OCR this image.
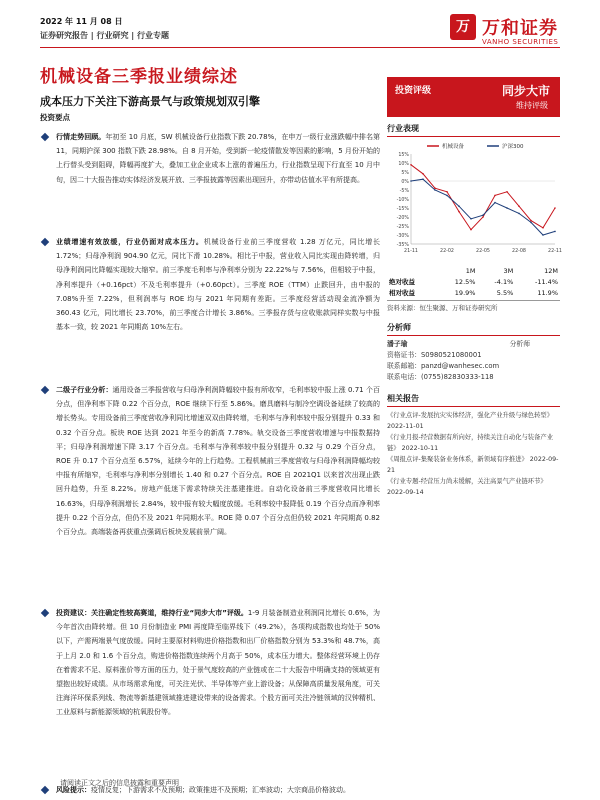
2022 年 11 月 08 日
证券研究报告 | 行业研究 | 行业专题
万 万和证券
VANHO SECURITIES
机械设备三季报业绩综述
成本压力下关注下游高景气与政策规划双引擎
投资要点
行情走势回顾。年初至 10 月底，SW 机械设备行业指数下跌 20.78%，在申万一级行业涨跌幅中排名第 11，同期沪深 300 指数下跌 28.98%。自 8 月开始，受到新一轮疫情散发等因素的影响，5 月份开始的上行替头受到阻碍，降幅再度扩大，叠加工业企业成本上涨的普遍压力，行业指数呈现下行直至 10 月中旬，因二十大报告推动实体经济发展开放、三季报披露等因素出现回升，亦带动估值水平有所提高。
业绩增速有效放缓，行业仍面对成本压力。机械设备行业前三季度营收 1.28 万亿元，同比增长 1.72%；归母净利润 904.90 亿元，同比下滑 10.28%。相比于中报，营业收入同比实现由降转增，归母净利润同比降幅实现较大缩窄。前三季度毛利率与净利率分别为 22.22%与 7.56%，但相较于中报，净利率提升（+0.16pct）不及毛利率提升（+0.60pct）。三季度 ROE（TTM）止跌回升，由中报的 7.08%升至 7.22%，但利润率与 ROE 均与 2021 年同期有差距。三季度经营活动现金流净额为 360.43 亿元，同比增长 23.70%，前三季度合计增长 3.86%。三季报存货与应收账款同样实数与中报基本一致，较 2021 年同期高 10%左右。
二级子行业分析：通用设备三季报营收与归母净利润降幅较中报有所收窄，毛利率较中报上涨 0.71 个百分点，但净利率下降 0.22 个百分点，ROE 继续下行至 5.86%。磨具磨料与制冷空调设备延续了较高的增长势头。专用设备前三季度营收净利同比增速双双由降转增，毛利率与净利率较中报分别提升 0.33 和 0.32 个百分点。板块 ROE 达到 2021 年至今的新高 7.78%。轨交设备三季度营收增速与中报数据持平；归母净利润增速下降 3.17 个百分点。毛利率与净利率较中报分别提升 0.32 与 0.29 个百分点，ROE 升 0.17 个百分点至 6.57%，延续今年的上行趋势。工程机械前三季度营收与归母净利润降幅均较中报有所缩窄，毛利率与净利率分别增长 1.40 和 0.27 个百分点。ROE 自 2021Q1 以来首次出现止跌回升趋势，升至 8.22%。房地产低迷下需求特续关注基建推进。自动化设备前三季度营收同比增长 16.63%，归母净利润增长 2.84%，较中报有较大幅度放缓。毛利率较中报降低 0.19 个百分点而净利率提升 0.22 个百分点，但仍不及 2021 年同期水平。ROE 降 0.07 个百分点但仍较 2021 年同期高 0.82 个百分点。高端装备再获重点强调后板块发展前景广阔。
投资建议：关注确定性较高赛道，维持行业“同步大市”评级。1-9 月装备制造业利润同比增长 0.6%，为今年首次由降转增。但 10 月份制造业 PMI 再度降至临界线下（49.2%），各项构成指数也均处于 50%以下，产需两端景气度放缓。同时主要原材料购进价格指数和出厂价格指数分别为 53.3%和 48.7%，高于上月 2.0 和 1.6 个百分点，购进价格指数连续两个月高于 50%，成本压力增大。整体经营环境上仍存在着需求不足、原料涨价等方面的压力，处于景气度较高的产业链或在二十大报告中明确支持的领域更有望抱出较好成绩。从市场需求角度，可关注光伏、半导体等产业上游设备；从保障高质量发展角度，可关注海洋环保系列线、物流等新基建领域推进建设带来的设备需求。个股方面可关注冷链领域的汉钟精机、工业原料与新能源领域的杭氧股份等。
风险提示：疫情反复；下游需求不及预期；政策推进不及预期；汇率波动；大宗商品价格波动。
投资评级	同步大市
维持评级
行业表现
机械设备	沪深300
15%
10%
5%
0%
-5%
-10%
-15%
-20%
-25%
-30%
-35%
21-11	22-02	22-05	22-08	22-11
	1M	3M	12M
绝对收益	12.5%	-4.1%	-11.4%
相对收益	19.9%	5.5%	11.9%
资料来源：恒生聚源、万和证券研究所
分析师
潘子瑜	分析师
资格证书：S0980521080001
联系邮箱：panzd@wanhesec.com
联系电话：(0755)82830333-118
相关报告
《行业点评-发展抗灾实体经济，强化产业升级与绿色转型》 2022-11-01
《行业月报-经营数据有所向好，持续关注自动化与装备产业链》 2022-10-11
《周报点评-集聚装备业务体系，新领域有序推进》 2022-09-21
《行业专题-经营压力尚未缓解，关注高景气产业链环节》 2022-09-14
请阅读正文之后的信息披露和重要声明
